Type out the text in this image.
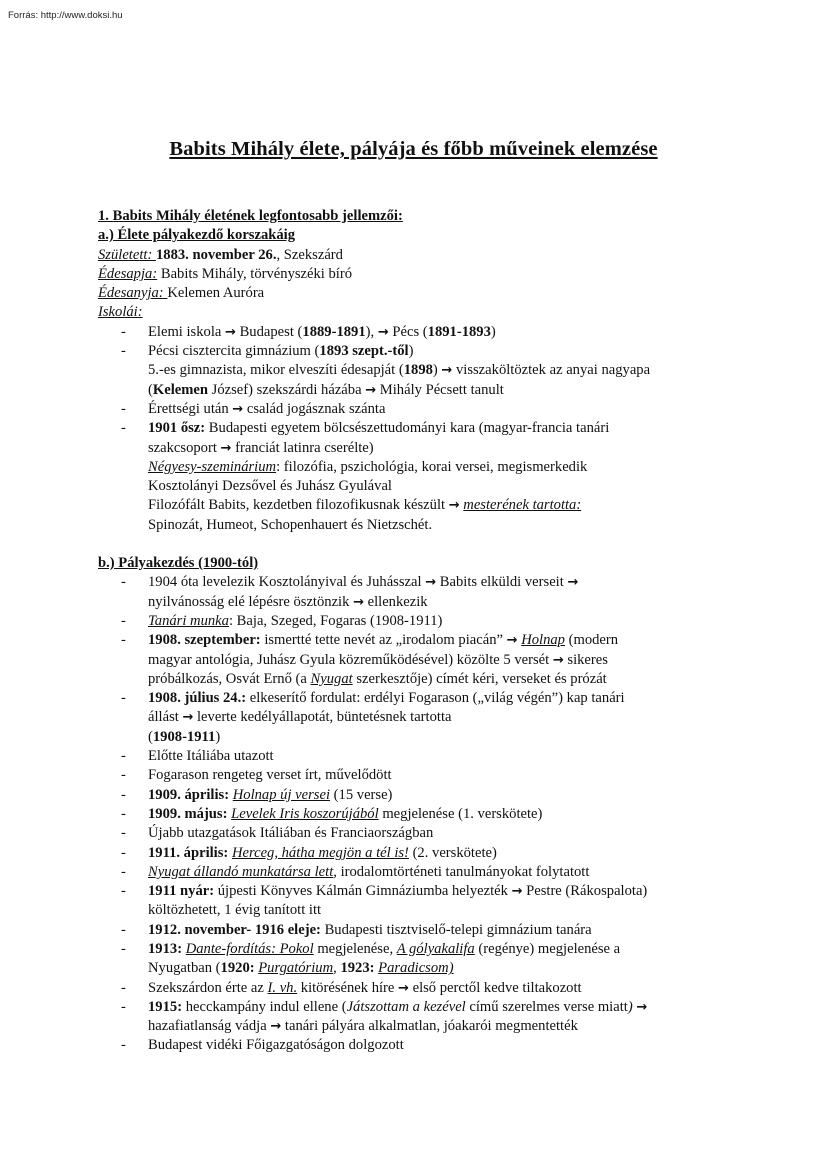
Forrás: http://www.doksi.hu
Babits Mihály élete, pályája és főbb műveinek elemzése
1. Babits Mihály életének legfontosabb jellemzői:
a.) Élete pályakezdő korszakáig
Született: 1883. november 26., Szekszárd
Édesapja: Babits Mihály, törvényszéki bíró
Édesanyja: Kelemen Auróra
Iskolái:
- Elemi iskola → Budapest (1889-1891), → Pécs (1891-1893)
- Pécsi cisztercita gimnázium (1893 szept.-től)
5.-es gimnazista, mikor elveszíti édesapját (1898) → visszaköltöztek az anyai nagyapa
(Kelemen József) szekszárdi házába → Mihály Pécsett tanult
- Érettségi után → család jogásznak szánta
- 1901 ősz: Budapesti egyetem bölcsészettudományi kara (magyar-francia tanári
szakcsoport → franciát latinra cserélte)
Négyesy-szeminárium: filozófia, pszichológia, korai versei, megismerkedik
Kosztolányi Dezsővel és Juhász Gyulával
Filozófált Babits, kezdetben filozofikusnak készült → mesterének tartotta:
Spinozát, Humeot, Schopenhauert és Nietzschét.
b.) Pályakezdés (1900-tól)
- 1904 óta levelezik Kosztolányival és Juhásszal → Babits elküldi verseit →
nyilvánosság elé lépésre ösztönzik → ellenkezik
- Tanári munka: Baja, Szeged, Fogaras (1908-1911)
- 1908. szeptember: ismertté tette nevét az „irodalom piacán” → Holnap (modern
magyar antológia, Juhász Gyula közreműködésével) közölte 5 versét → sikeres
próbálkozás, Osvát Ernő (a Nyugat szerkesztője) címét kéri, verseket és prózát
- 1908. július 24.: elkeserítő fordulat: erdélyi Fogarason („világ végén”) kap tanári
állást → leverte kedélyállapotát, büntetésnek tartotta
(1908-1911)
- Előtte Itáliába utazott
- Fogarason rengeteg verset írt, művelődött
- 1909. április: Holnap új versei (15 verse)
- 1909. május: Levelek Iris koszorújából megjelenése (1. verskötete)
- Újabb utazgatások Itáliában és Franciaországban
- 1911. április: Herceg, hátha megjön a tél is! (2. verskötete)
- Nyugat állandó munkatársa lett, irodalomtörténeti tanulmányokat folytatott
- 1911 nyár: újpesti Könyves Kálmán Gimnáziumba helyezték → Pestre (Rákospalota)
költözhetett, 1 évig tanított itt
- 1912. november- 1916 eleje: Budapesti tisztviselő-telepi gimnázium tanára
- 1913: Dante-fordítás: Pokol megjelenése, A gólyakalifa (regénye) megjelenése a
Nyugatban (1920: Purgatórium, 1923: Paradicsom)
- Szekszárdon érte az I. vh. kitörésének híre → első perctől kedve tiltakozott
- 1915: hecckampány indul ellene (Játszottam a kezével című szerelmes verse miatt) →
hazafiatlanság vádja → tanári pályára alkalmatlan, jóakarói megmentették
- Budapest vidéki Főigazgatóságon dolgozott
